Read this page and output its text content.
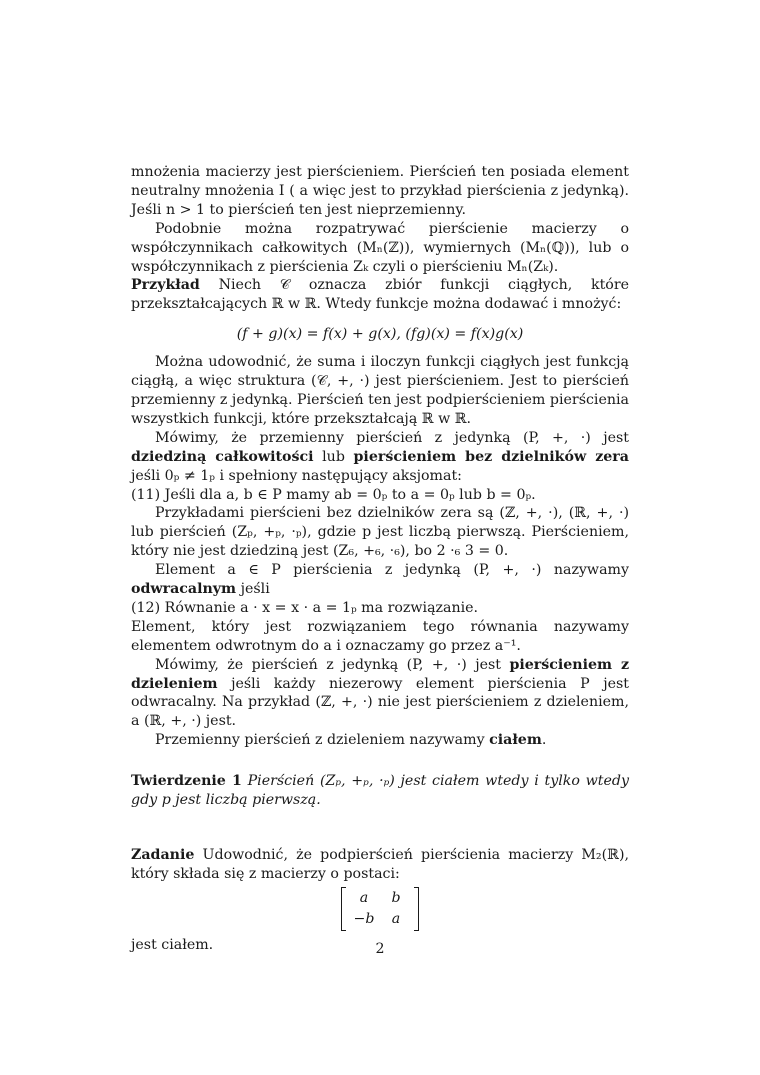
mnożenia macierzy jest pierścieniem. Pierścień ten posiada element neutralny mnożenia I ( a więc jest to przykład pierścienia z jedynką). Jeśli n > 1 to pierścień ten jest nieprzemienny.

Podobnie można rozpatrywać pierścienie macierzy o współczynnikach całkowitych (Mₙ(ℤ)), wymiernych (Mₙ(ℚ)), lub o współczynnikach z pierścienia Zₖ czyli o pierścieniu Mₙ(Zₖ).

Przykład Niech 𝒞 oznacza zbiór funkcji ciągłych, które przekształcających ℝ w ℝ. Wtedy funkcje można dodawać i mnożyć:

(f + g)(x) = f(x) + g(x), (fg)(x) = f(x)g(x)

Można udowodnić, że suma i iloczyn funkcji ciągłych jest funkcją ciągłą, a więc struktura (𝒞, +, ·) jest pierścieniem. Jest to pierścień przemienny z jedynką. Pierścień ten jest podpierścieniem pierścienia wszystkich funkcji, które przekształcają ℝ w ℝ.

Mówimy, że przemienny pierścień z jedynką (P, +, ·) jest dziedziną całkowitości lub pierścieniem bez dzielników zera jeśli 0ₚ ≠ 1ₚ i spełniony następujący aksjomat:

(11) Jeśli dla a, b ∈ P mamy ab = 0ₚ to a = 0ₚ lub b = 0ₚ.

Przykładami pierścieni bez dzielników zera są (ℤ, +, ·), (ℝ, +, ·) lub pierścień (Zₚ, +ₚ, ·ₚ), gdzie p jest liczbą pierwszą. Pierścieniem, który nie jest dziedziną jest (Z₆, +₆, ·₆), bo 2 ·₆ 3 = 0.

Element a ∈ P pierścienia z jedynką (P, +, ·) nazywamy odwracalnym jeśli

(12) Równanie a · x = x · a = 1ₚ ma rozwiązanie.

Element, który jest rozwiązaniem tego równania nazywamy elementem odwrotnym do a i oznaczamy go przez a⁻¹.

Mówimy, że pierścień z jedynką (P, +, ·) jest pierścieniem z dzieleniem jeśli każdy niezerowy element pierścienia P jest odwracalny. Na przykład (ℤ, +, ·) nie jest pierścieniem z dzieleniem, a (ℝ, +, ·) jest.

Przemienny pierścień z dzieleniem nazywamy ciałem.

Twierdzenie 1 Pierścień (Zₚ, +ₚ, ·ₚ) jest ciałem wtedy i tylko wtedy gdy p jest liczbą pierwszą.

Zadanie Udowodnić, że podpierścień pierścienia macierzy M₂(ℝ), który składa się z macierzy o postaci:

a	b
−b	a

jest ciałem.	2
